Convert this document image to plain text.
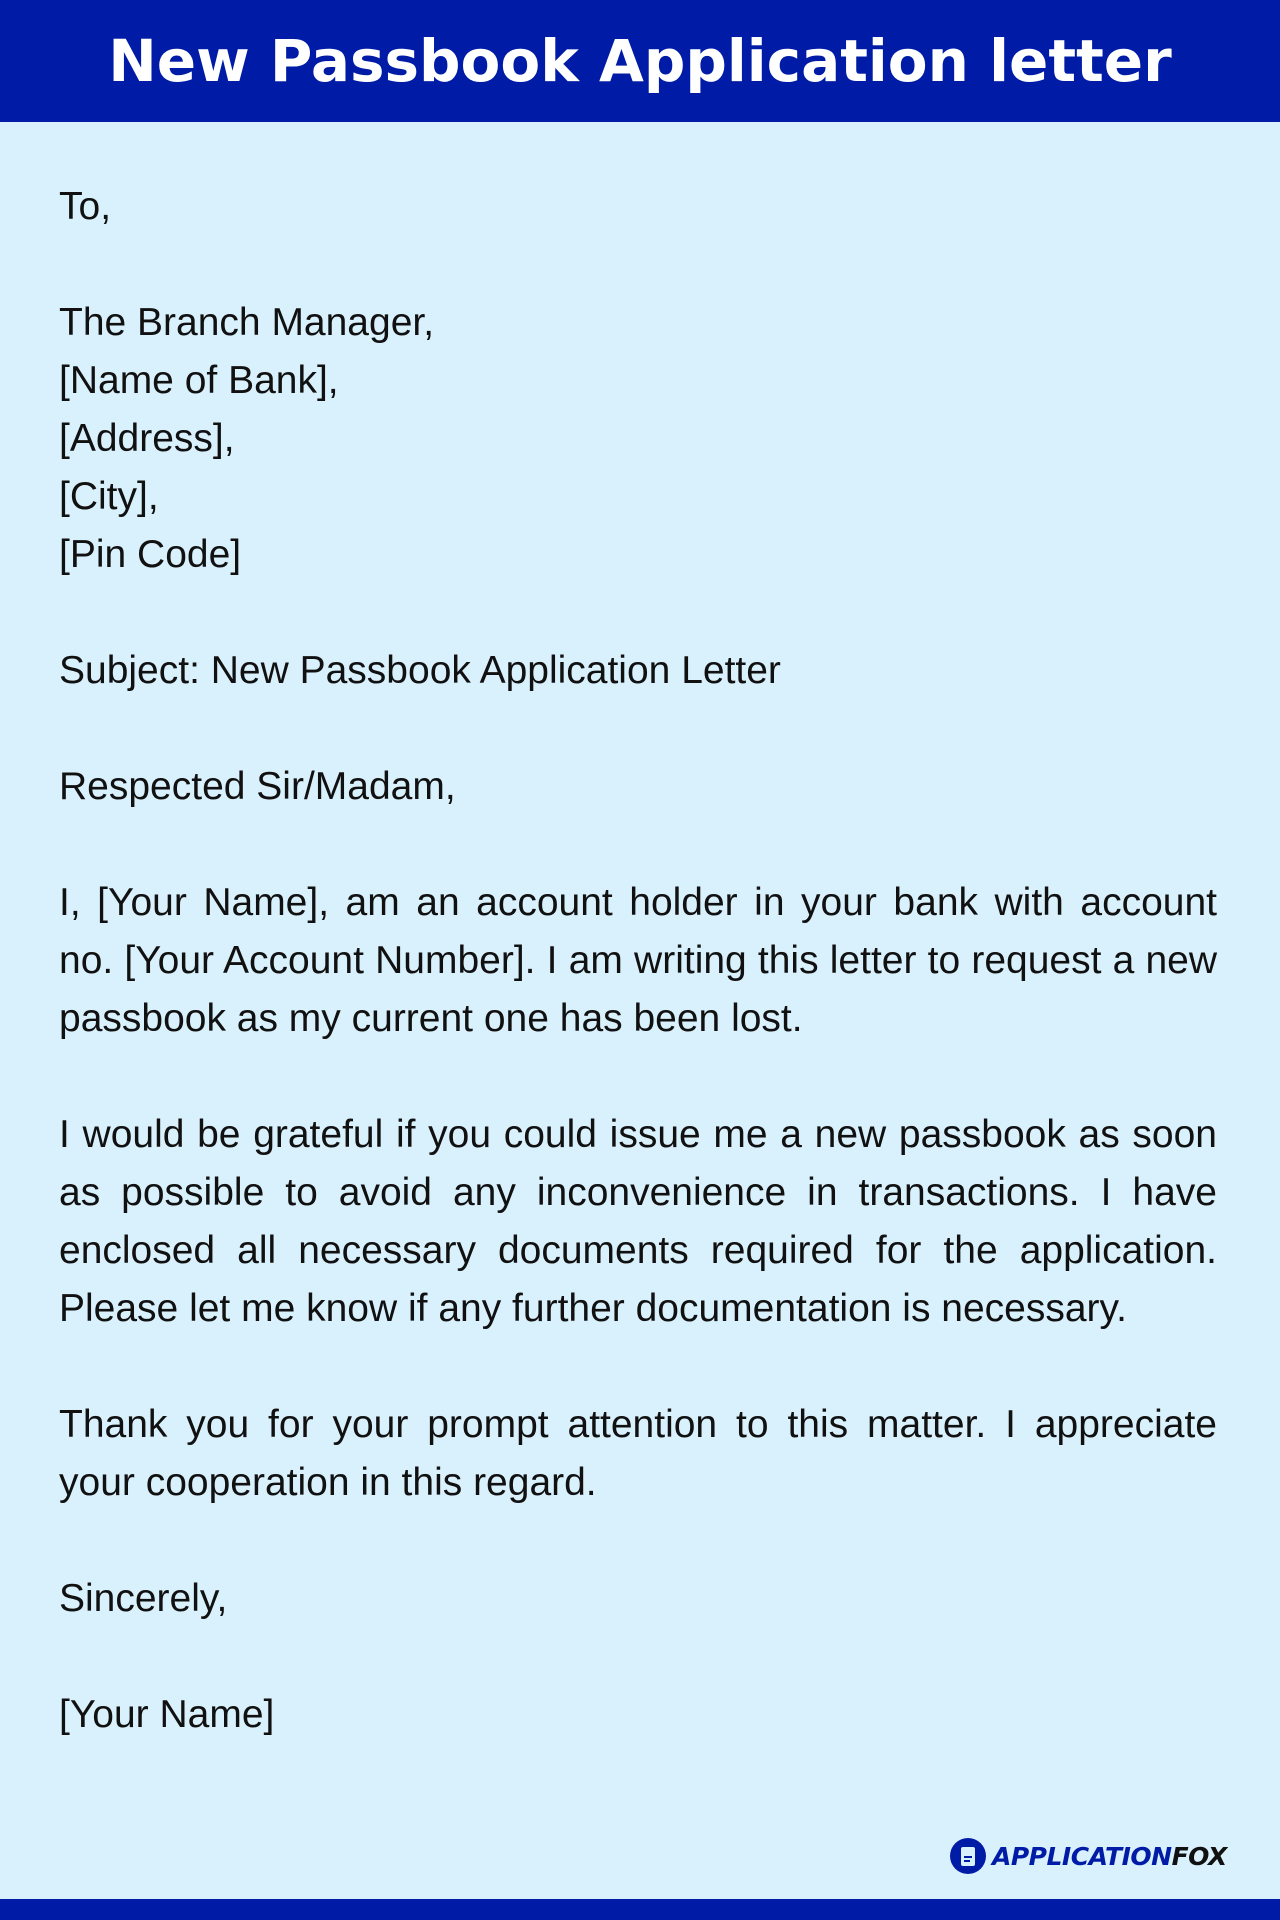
New Passbook Application letter
To,
The Branch Manager,
[Name of Bank],
[Address],
[City],
[Pin Code]
Subject: New Passbook Application Letter
Respected Sir/Madam,
I, [Your Name], am an account holder in your bank with account no. [Your Account Number]. I am writing this letter to request a new passbook as my current one has been lost.
I would be grateful if you could issue me a new passbook as soon as possible to avoid any inconvenience in transactions. I have enclosed all necessary documents required for the application. Please let me know if any further documentation is necessary.
Thank you for your prompt attention to this matter. I appreciate your cooperation in this regard.
Sincerely,
[Your Name]
APPLICATIONFOX
